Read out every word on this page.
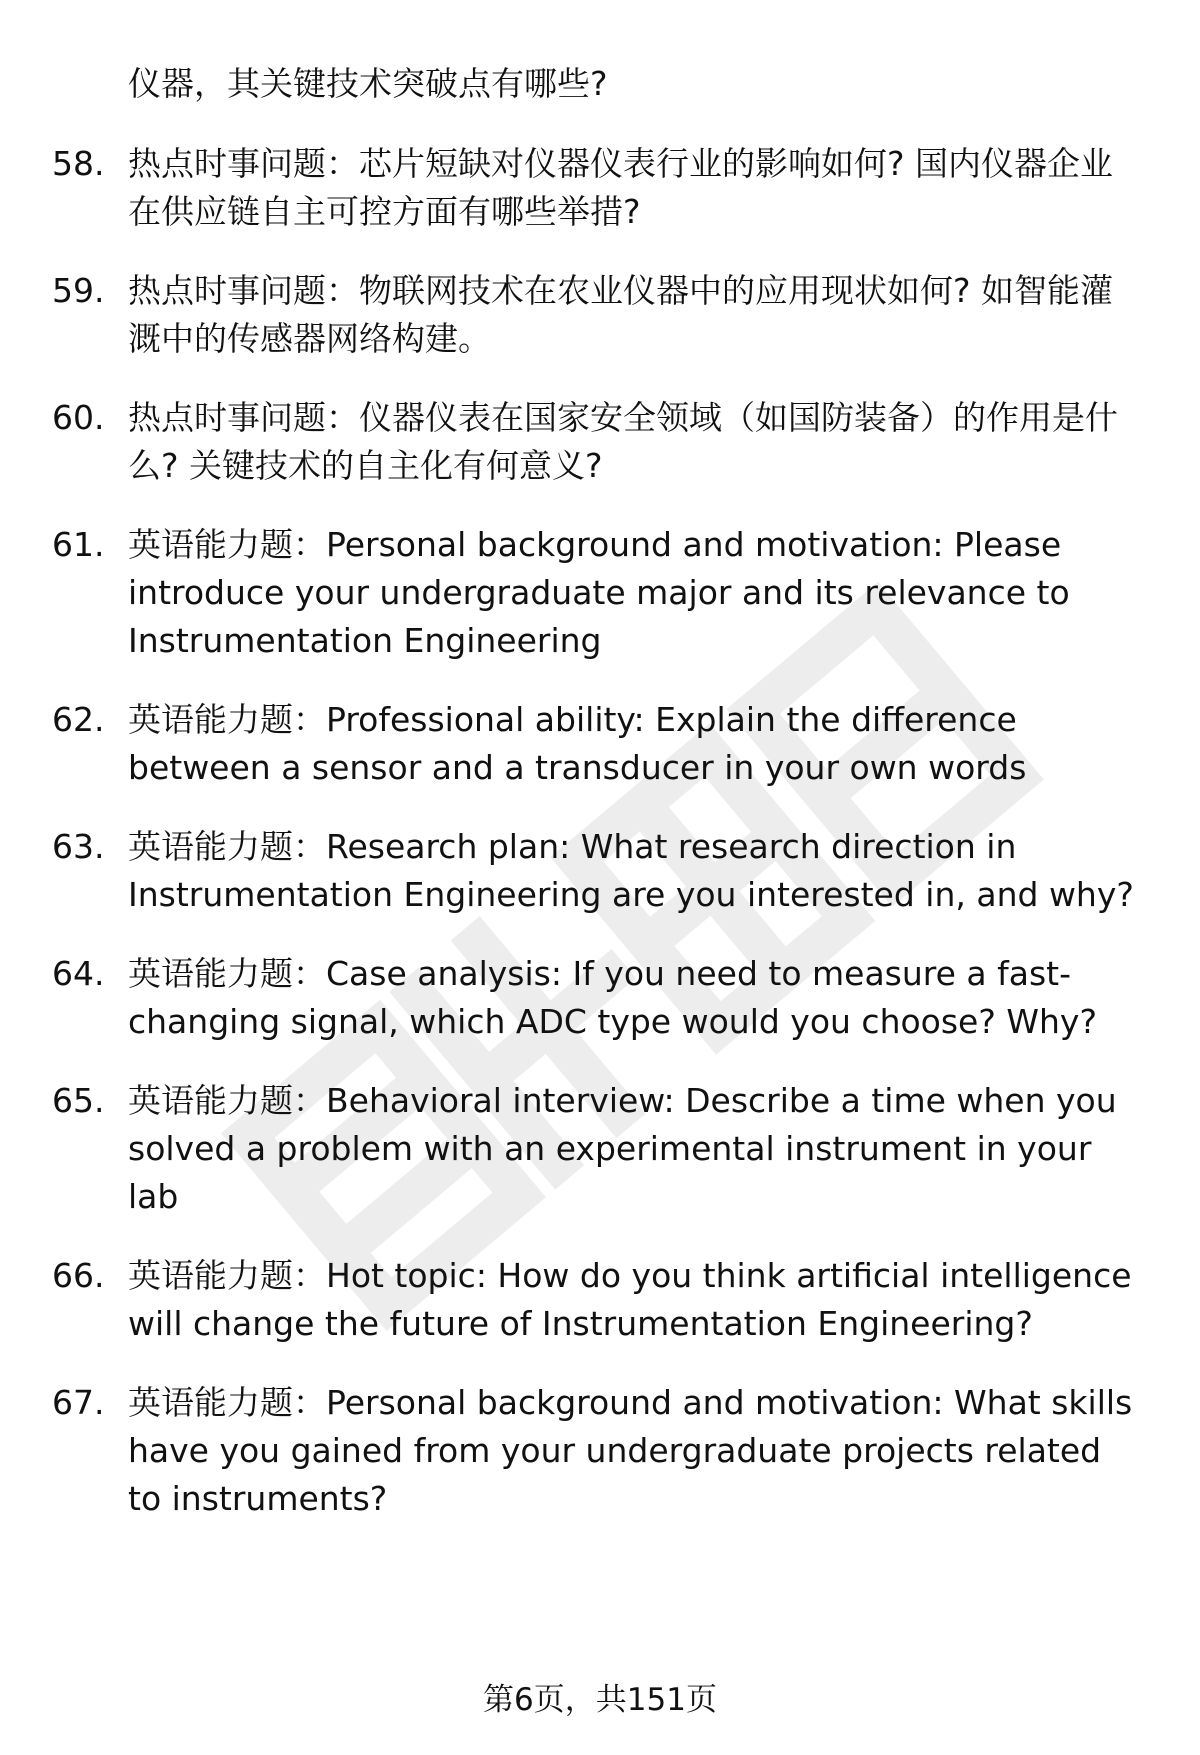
仪器，其关键技术突破点有哪些?

58. 热点时事问题：芯片短缺对仪器仪表行业的影响如何? 国内仪器企业在供应链自主可控方面有哪些举措?
59. 热点时事问题：物联网技术在农业仪器中的应用现状如何? 如智能灌溉中的传感器网络构建。
60. 热点时事问题：仪器仪表在国家安全领域（如国防装备）的作用是什么? 关键技术的自主化有何意义?
61. 英语能力题：Personal background and motivation: Please introduce your undergraduate major and its relevance to Instrumentation Engineering
62. 英语能力题：Professional ability: Explain the difference between a sensor and a transducer in your own words
63. 英语能力题：Research plan: What research direction in Instrumentation Engineering are you interested in, and why?
64. 英语能力题：Case analysis: If you need to measure a fast-changing signal, which ADC type would you choose? Why?
65. 英语能力题：Behavioral interview: Describe a time when you solved a problem with an experimental instrument in your lab
66. 英语能力题：Hot topic: How do you think artificial intelligence will change the future of Instrumentation Engineering?
67. 英语能力题：Personal background and motivation: What skills have you gained from your undergraduate projects related to instruments?
第6页，共151页
